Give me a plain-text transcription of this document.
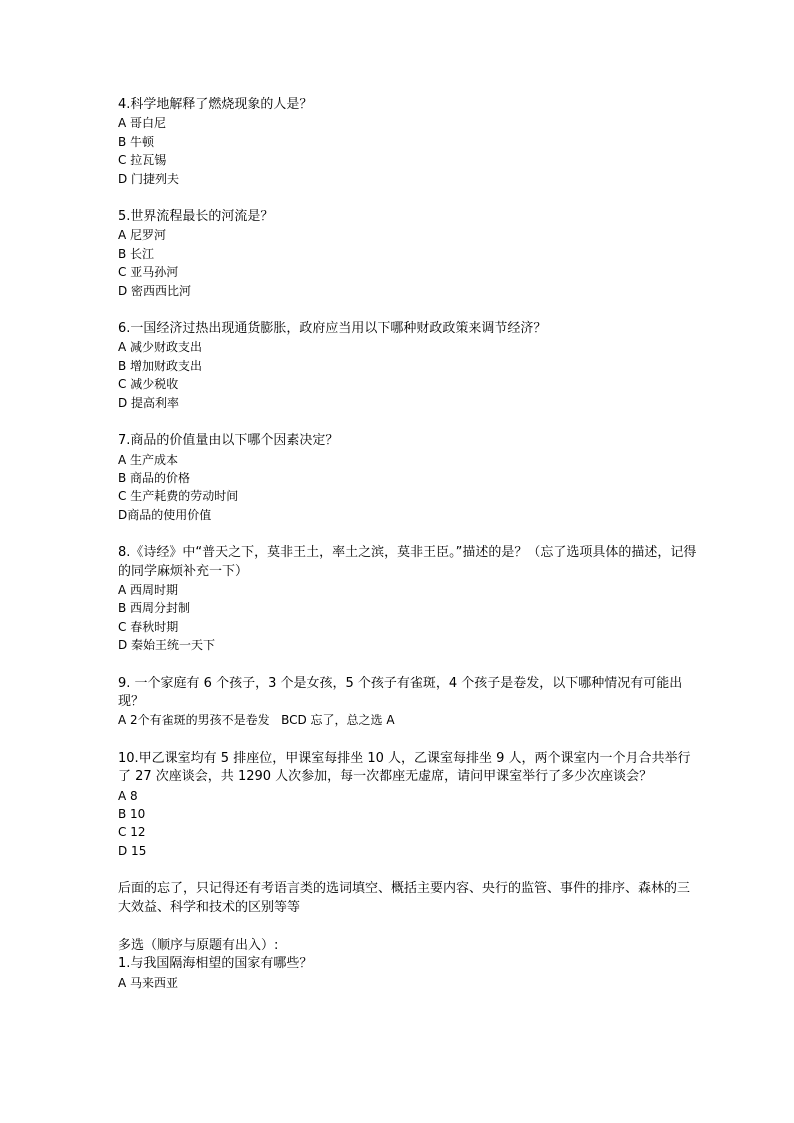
4.科学地解释了燃烧现象的人是？
A 哥白尼
B 牛顿
C 拉瓦锡
D 门捷列夫
5.世界流程最长的河流是？
A 尼罗河
B 长江
C 亚马孙河
D 密西西比河
6.一国经济过热出现通货膨胀，政府应当用以下哪种财政政策来调节经济？
A 减少财政支出
B 增加财政支出
C 减少税收
D 提高利率
7.商品的价值量由以下哪个因素决定？
A 生产成本
B 商品的价格
C 生产耗费的劳动时间
D商品的使用价值
8.《诗经》中“普天之下，莫非王土，率土之滨，莫非王臣。”描述的是？（忘了选项具体的描述，记得的同学麻烦补充一下）
A 西周时期
B 西周分封制
C 春秋时期
D 秦始王统一天下
9. 一个家庭有 6 个孩子，3 个是女孩，5 个孩子有雀斑，4 个孩子是卷发，以下哪种情况有可能出现？
A 2个有雀斑的男孩不是卷发   BCD 忘了，总之选 A
10.甲乙课室均有 5 排座位，甲课室每排坐 10 人，乙课室每排坐 9 人，两个课室内一个月合共举行了 27 次座谈会，共 1290 人次参加，每一次都座无虚席，请问甲课室举行了多少次座谈会？
A 8
B 10
C 12
D 15
后面的忘了，只记得还有考语言类的选词填空、概括主要内容、央行的监管、事件的排序、森林的三大效益、科学和技术的区别等等
多选（顺序与原题有出入）:
1.与我国隔海相望的国家有哪些？
A 马来西亚
